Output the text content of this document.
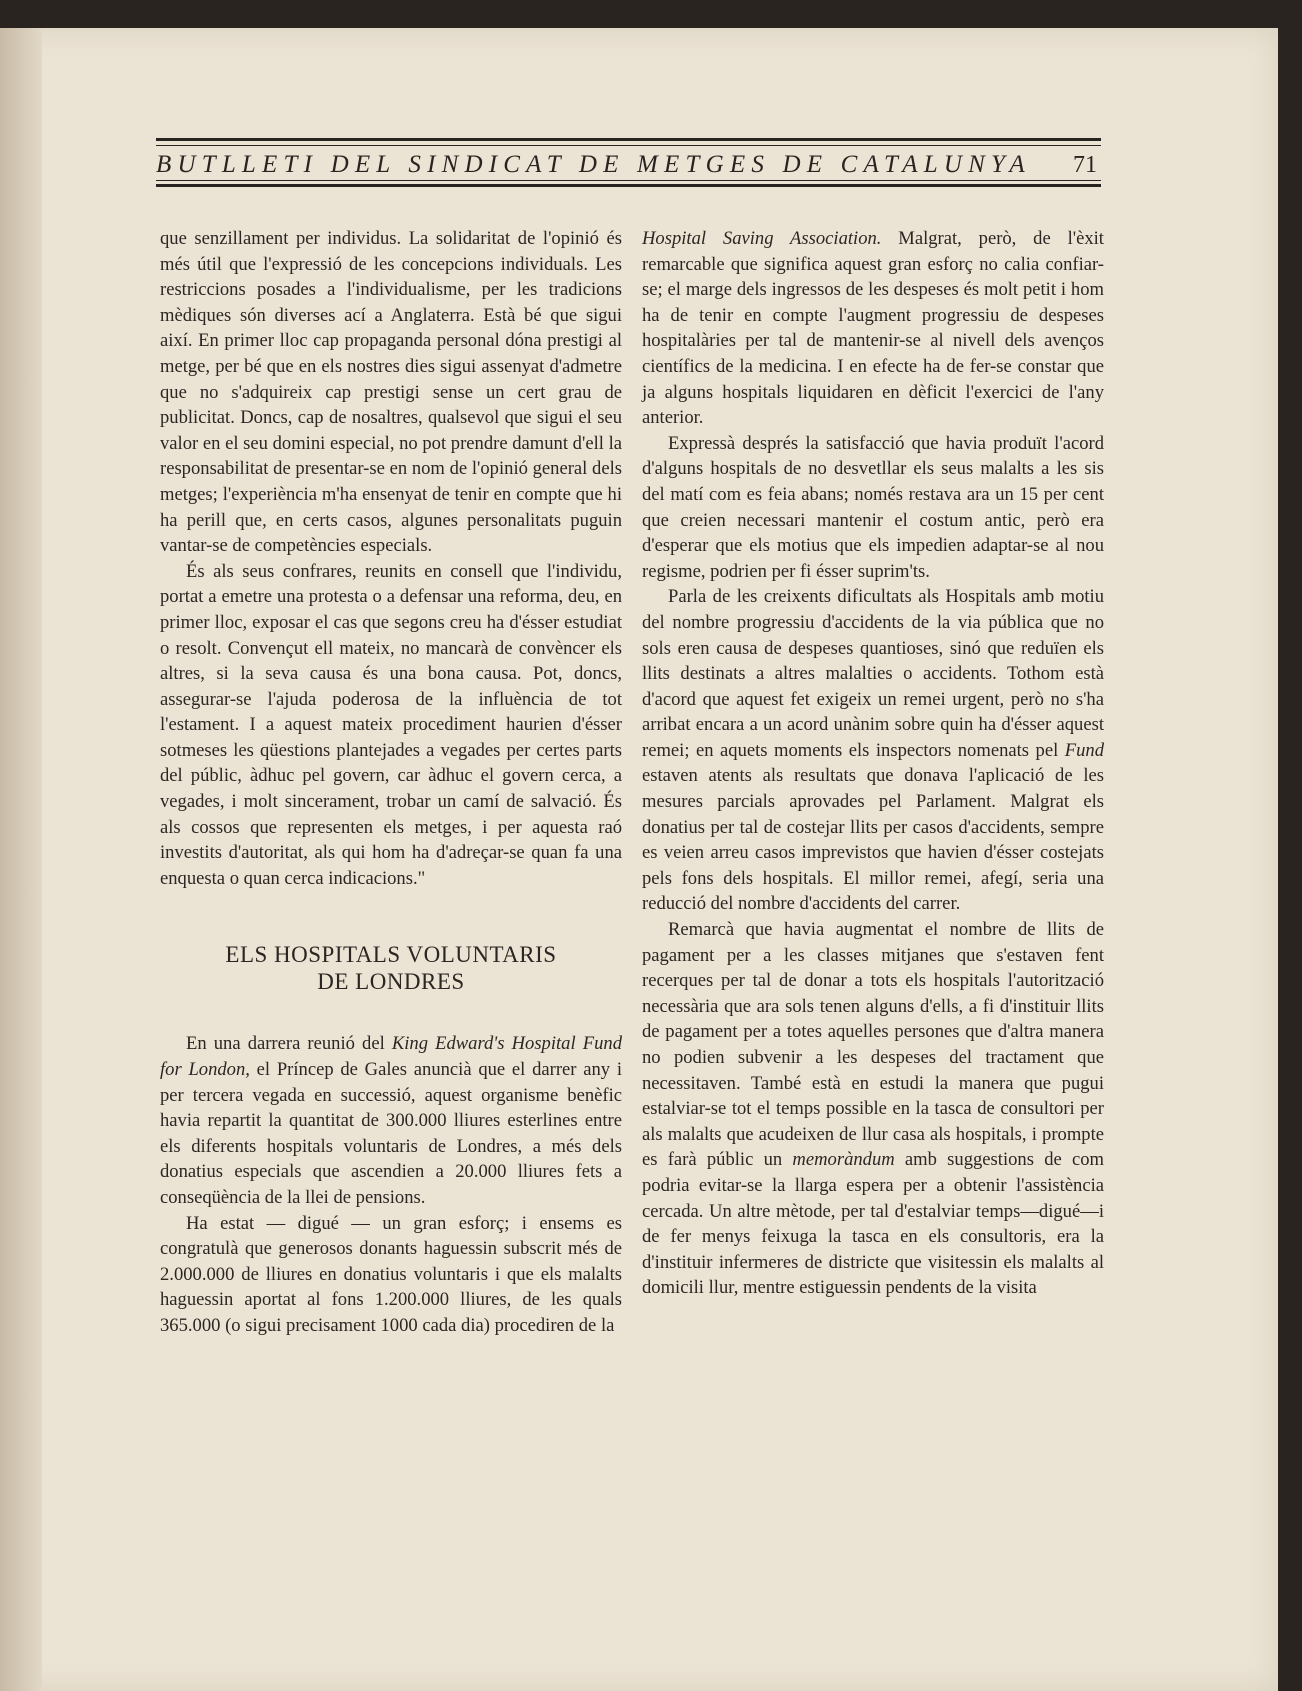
BUTLLETI DEL SINDICAT DE METGES DE CATALUNYA 71

que senzillament per individus. La solidaritat de l'opinió és més útil que l'expressió de les concepcions individuals. Les restriccions posades a l'individualisme, per les tradicions mèdiques són diverses ací a Anglaterra. Està bé que sigui així. En primer lloc cap propaganda personal dóna prestigi al metge, per bé que en els nostres dies sigui assenyat d'admetre que no s'adquireix cap prestigi sense un cert grau de publicitat. Doncs, cap de nosaltres, qualsevol que sigui el seu valor en el seu domini especial, no pot prendre damunt d'ell la responsabilitat de presentar-se en nom de l'opinió general dels metges; l'experiència m'ha ensenyat de tenir en compte que hi ha perill que, en certs casos, algunes personalitats puguin vantar-se de competències especials.

És als seus confrares, reunits en consell que l'individu, portat a emetre una protesta o a defensar una reforma, deu, en primer lloc, exposar el cas que segons creu ha d'ésser estudiat o resolt. Convençut ell mateix, no mancarà de convèncer els altres, si la seva causa és una bona causa. Pot, doncs, assegurar-se l'ajuda poderosa de la influència de tot l'estament. I a aquest mateix procediment haurien d'ésser sotmeses les qüestions plantejades a vegades per certes parts del públic, àdhuc pel govern, car àdhuc el govern cerca, a vegades, i molt sincerament, trobar un camí de salvació. És als cossos que representen els metges, i per aquesta raó investits d'autoritat, als qui hom ha d'adreçar-se quan fa una enquesta o quan cerca indicacions."

ELS HOSPITALS VOLUNTARIS
DE LONDRES

En una darrera reunió del King Edward's Hospital Fund for London, el Príncep de Gales anuncià que el darrer any i per tercera vegada en successió, aquest organisme benèfic havia repartit la quantitat de 300.000 lliures esterlines entre els diferents hospitals voluntaris de Londres, a més dels donatius especials que ascendien a 20.000 lliures fets a conseqüència de la llei de pensions.

Ha estat — digué — un gran esforç; i ensems es congratulà que generosos donants haguessin subscrit més de 2.000.000 de lliures en donatius voluntaris i que els malalts haguessin aportat al fons 1.200.000 lliures, de les quals 365.000 (o sigui precisament 1000 cada dia) procediren de la

Hospital Saving Association. Malgrat, però, de l'èxit remarcable que significa aquest gran esforç no calia confiar-se; el marge dels ingressos de les despeses és molt petit i hom ha de tenir en compte l'augment progressiu de despeses hospitalàries per tal de mantenir-se al nivell dels avenços científics de la medicina. I en efecte ha de fer-se constar que ja alguns hospitals liquidaren en dèficit l'exercici de l'any anterior.

Expressà després la satisfacció que havia produït l'acord d'alguns hospitals de no desvetllar els seus malalts a les sis del matí com es feia abans; només restava ara un 15 per cent que creien necessari mantenir el costum antic, però era d'esperar que els motius que els impedien adaptar-se al nou regisme, podrien per fi ésser suprim'ts.

Parla de les creixents dificultats als Hospitals amb motiu del nombre progressiu d'accidents de la via pública que no sols eren causa de despeses quantioses, sinó que reduïen els llits destinats a altres malalties o accidents. Tothom està d'acord que aquest fet exigeix un remei urgent, però no s'ha arribat encara a un acord unànim sobre quin ha d'ésser aquest remei; en aquets moments els inspectors nomenats pel Fund estaven atents als resultats que donava l'aplicació de les mesures parcials aprovades pel Parlament. Malgrat els donatius per tal de costejar llits per casos d'accidents, sempre es veien arreu casos imprevistos que havien d'ésser costejats pels fons dels hospitals. El millor remei, afegí, seria una reducció del nombre d'accidents del carrer.

Remarcà que havia augmentat el nombre de llits de pagament per a les classes mitjanes que s'estaven fent recerques per tal de donar a tots els hospitals l'autorització necessària que ara sols tenen alguns d'ells, a fi d'instituir llits de pagament per a totes aquelles persones que d'altra manera no podien subvenir a les despeses del tractament que necessitaven. També està en estudi la manera que pugui estalviar-se tot el temps possible en la tasca de consultori per als malalts que acudeixen de llur casa als hospitals, i prompte es farà públic un memoràndum amb suggestions de com podria evitar-se la llarga espera per a obtenir l'assistència cercada. Un altre mètode, per tal d'estalviar temps—digué—i de fer menys feixuga la tasca en els consultoris, era la d'instituir infermeres de districte que visitessin els malalts al domicili llur, mentre estiguessin pendents de la visita
